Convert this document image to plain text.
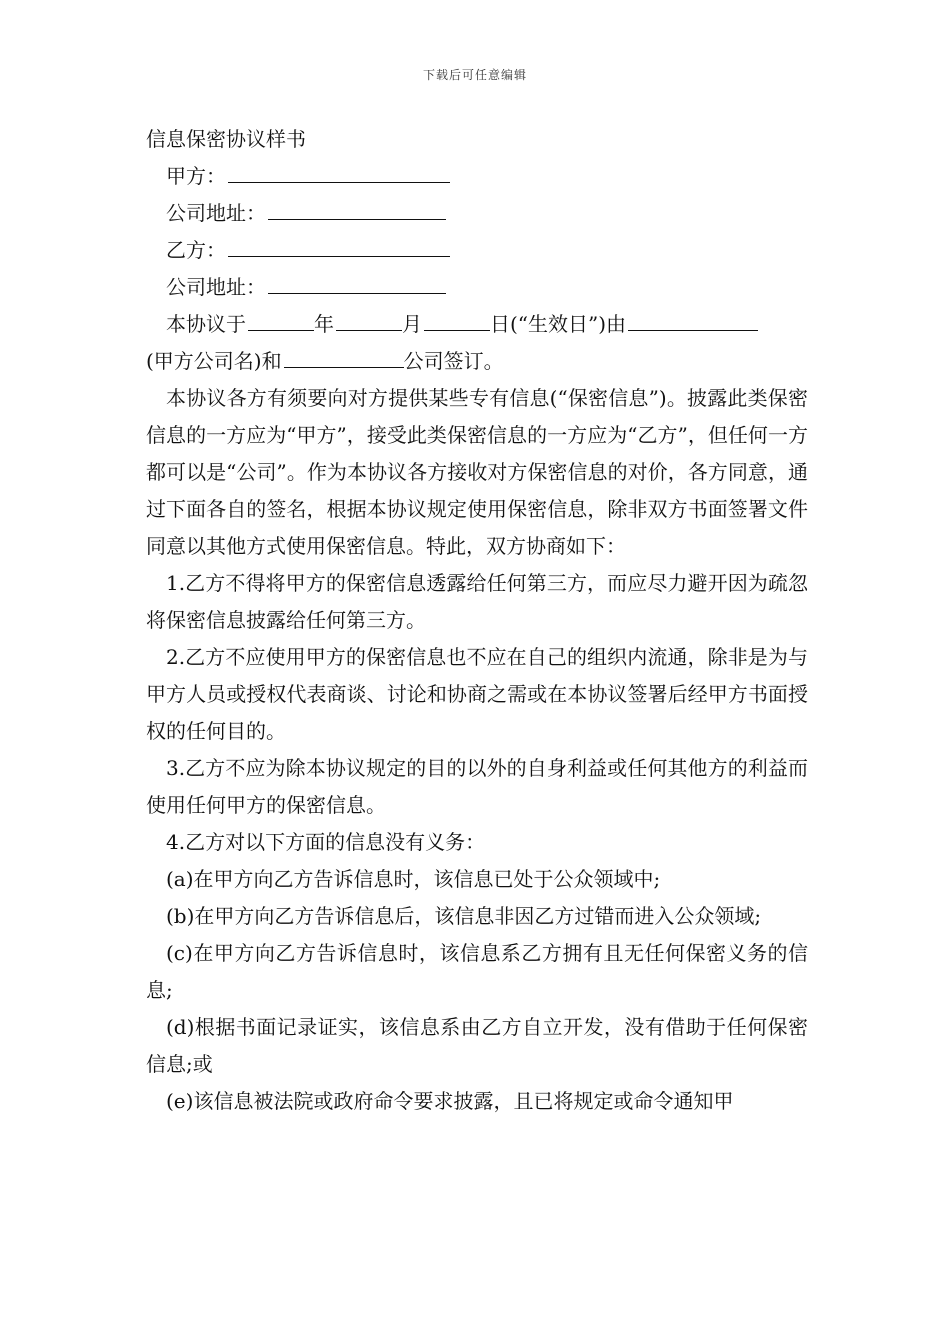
下载后可任意编辑
信息保密协议样书
甲方：
公司地址：
乙方：
公司地址：
本协议于	年	月	日(“生效日”)由
(甲方公司名)和	公司签订。
本协议各方有须要向对方提供某些专有信息(“保密信息”)。披露此类保密信息的一方应为“甲方”，接受此类保密信息的一方应为“乙方”，但任何一方都可以是“公司”。作为本协议各方接收对方保密信息的对价，各方同意，通过下面各自的签名，根据本协议规定使用保密信息，除非双方书面签署文件同意以其他方式使用保密信息。特此，双方协商如下：
1.乙方不得将甲方的保密信息透露给任何第三方，而应尽力避开因为疏忽将保密信息披露给任何第三方。
2.乙方不应使用甲方的保密信息也不应在自己的组织内流通，除非是为与甲方人员或授权代表商谈、讨论和协商之需或在本协议签署后经甲方书面授权的任何目的。
3.乙方不应为除本协议规定的目的以外的自身利益或任何其他方的利益而使用任何甲方的保密信息。
4.乙方对以下方面的信息没有义务：
(a)在甲方向乙方告诉信息时，该信息已处于公众领域中;
(b)在甲方向乙方告诉信息后，该信息非因乙方过错而进入公众领域;
(c)在甲方向乙方告诉信息时，该信息系乙方拥有且无任何保密义务的信息;
(d)根据书面记录证实，该信息系由乙方自立开发，没有借助于任何保密信息;或
(e)该信息被法院或政府命令要求披露，且已将规定或命令通知甲
